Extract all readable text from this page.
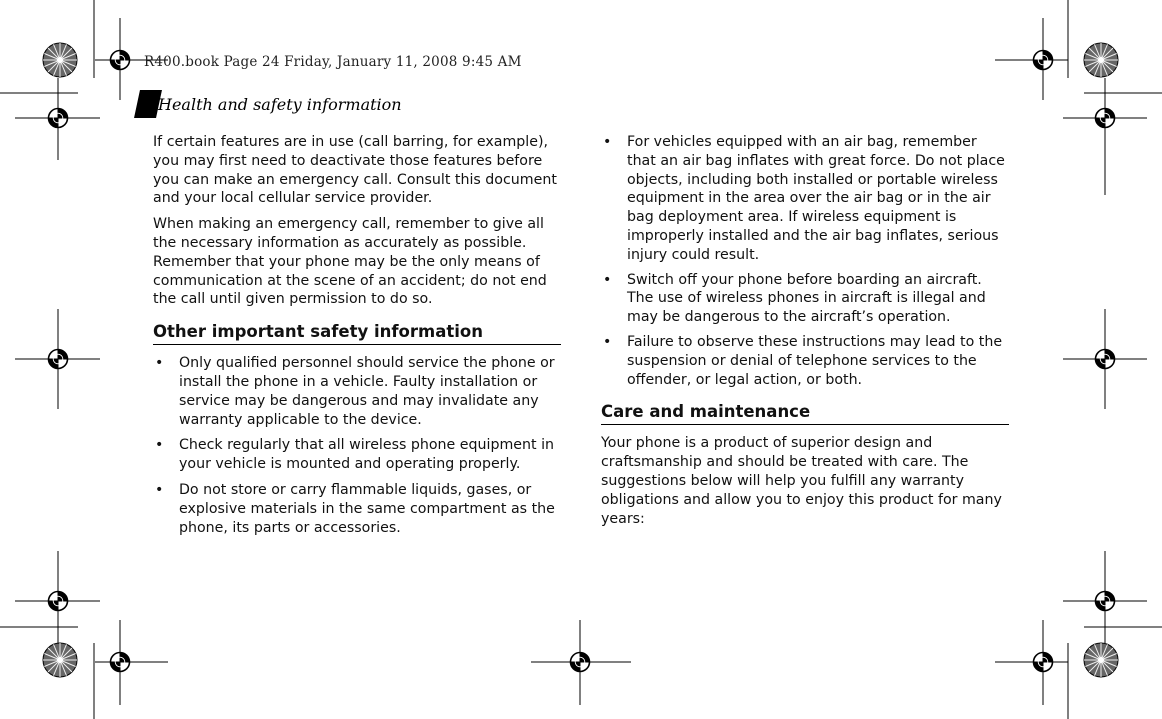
R400.book Page 24 Friday, January 11, 2008 9:45 AM
Health and safety information

If certain features are in use (call barring, for example), you may first need to deactivate those features before you can make an emergency call. Consult this document and your local cellular service provider.

When making an emergency call, remember to give all the necessary information as accurately as possible. Remember that your phone may be the only means of communication at the scene of an accident; do not end the call until given permission to do so.

Other important safety information
• Only qualified personnel should service the phone or install the phone in a vehicle. Faulty installation or service may be dangerous and may invalidate any warranty applicable to the device.
• Check regularly that all wireless phone equipment in your vehicle is mounted and operating properly.
• Do not store or carry flammable liquids, gases, or explosive materials in the same compartment as the phone, its parts or accessories.
• For vehicles equipped with an air bag, remember that an air bag inflates with great force. Do not place objects, including both installed or portable wireless equipment in the area over the air bag or in the air bag deployment area. If wireless equipment is improperly installed and the air bag inflates, serious injury could result.
• Switch off your phone before boarding an aircraft. The use of wireless phones in aircraft is illegal and may be dangerous to the aircraft’s operation.
• Failure to observe these instructions may lead to the suspension or denial of telephone services to the offender, or legal action, or both.
Care and maintenance

Your phone is a product of superior design and craftsmanship and should be treated with care. The suggestions below will help you fulfill any warranty obligations and allow you to enjoy this product for many years:
